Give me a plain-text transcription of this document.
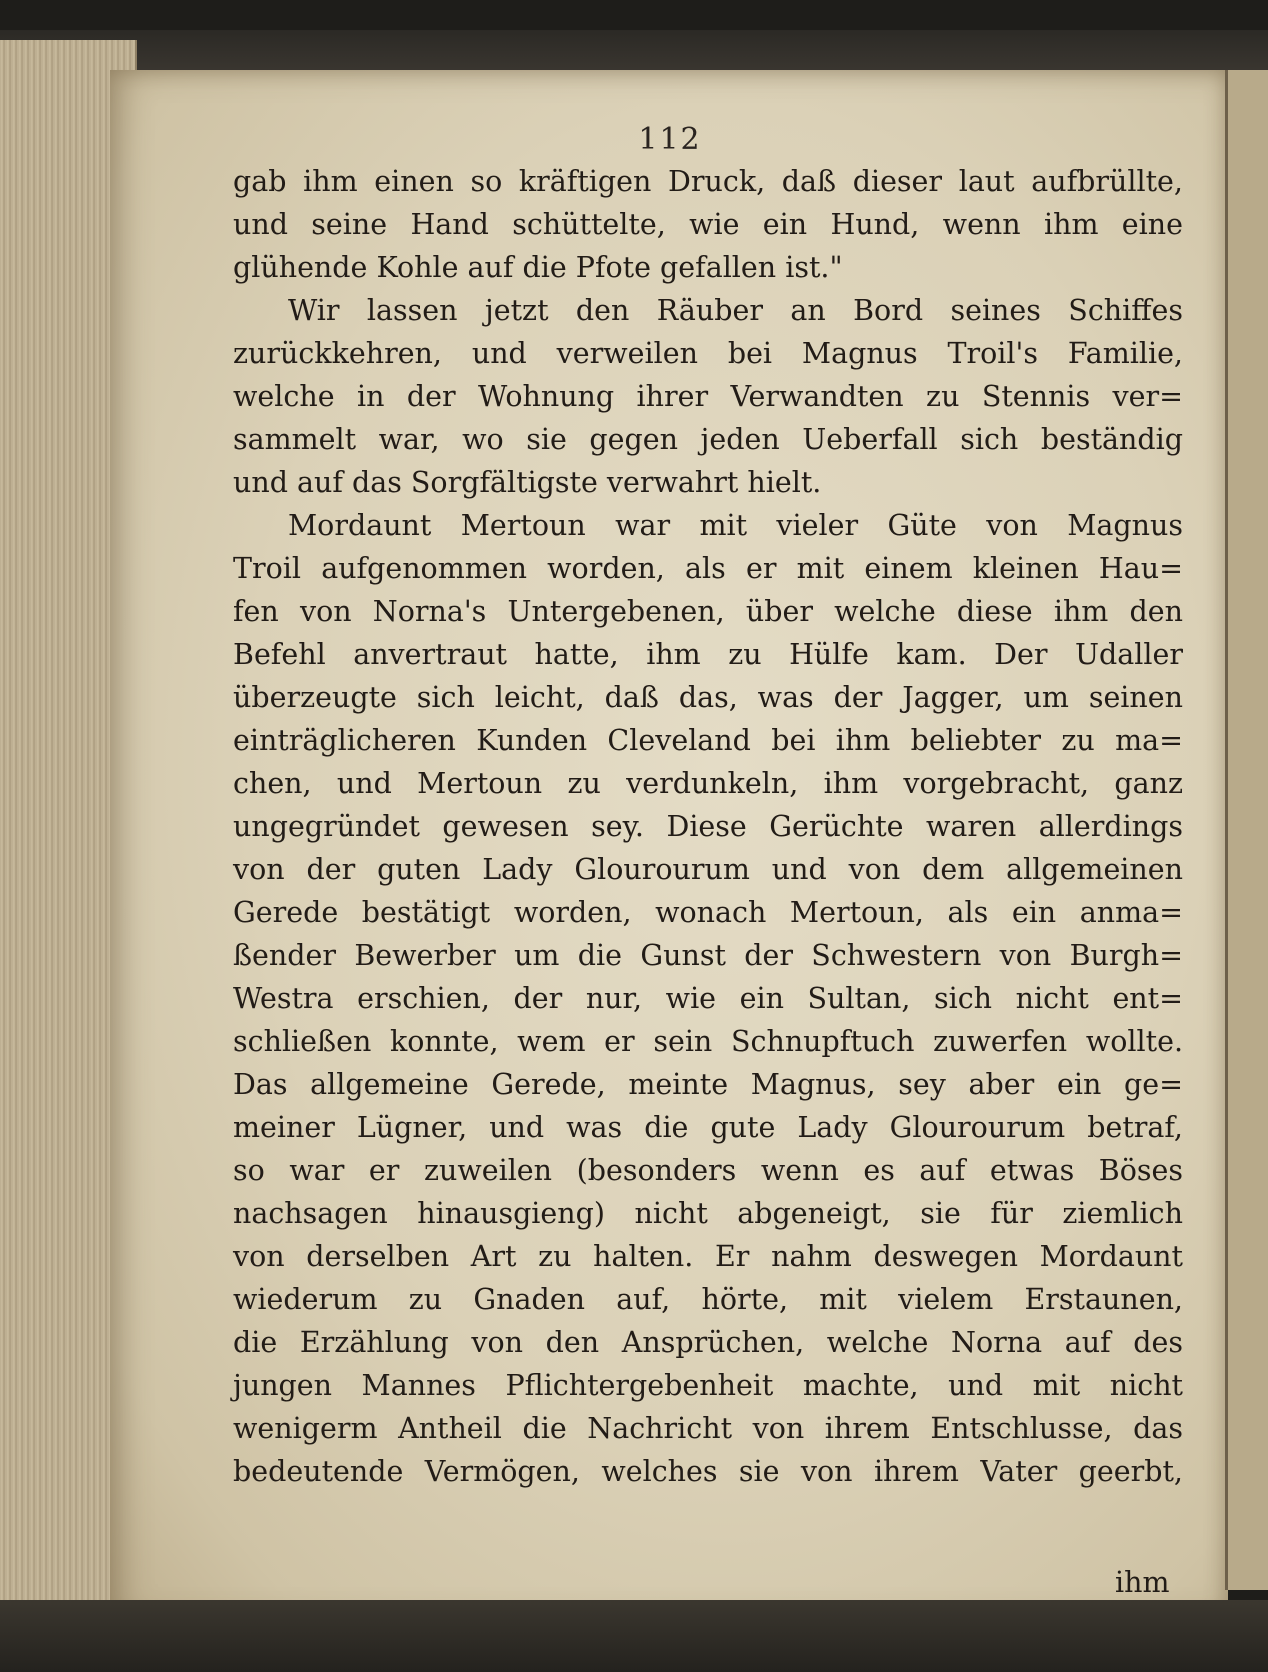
112
gab ihm einen so kräftigen Druck, daß dieser laut aufbrüllte,
und seine Hand schüttelte, wie ein Hund, wenn ihm eine
glühende Kohle auf die Pfote gefallen ist."
Wir lassen jetzt den Räuber an Bord seines Schiffes
zurückkehren, und verweilen bei Magnus Troil's Familie,
welche in der Wohnung ihrer Verwandten zu Stennis ver=
sammelt war, wo sie gegen jeden Ueberfall sich beständig
und auf das Sorgfältigste verwahrt hielt.
Mordaunt Mertoun war mit vieler Güte von Magnus
Troil aufgenommen worden, als er mit einem kleinen Hau=
fen von Norna's Untergebenen, über welche diese ihm den
Befehl anvertraut hatte, ihm zu Hülfe kam. Der Udaller
überzeugte sich leicht, daß das, was der Jagger, um seinen
einträglicheren Kunden Cleveland bei ihm beliebter zu ma=
chen, und Mertoun zu verdunkeln, ihm vorgebracht, ganz
ungegründet gewesen sey. Diese Gerüchte waren allerdings
von der guten Lady Glourourum und von dem allgemeinen
Gerede bestätigt worden, wonach Mertoun, als ein anma=
ßender Bewerber um die Gunst der Schwestern von Burgh=
Westra erschien, der nur, wie ein Sultan, sich nicht ent=
schließen konnte, wem er sein Schnupftuch zuwerfen wollte.
Das allgemeine Gerede, meinte Magnus, sey aber ein ge=
meiner Lügner, und was die gute Lady Glourourum betraf,
so war er zuweilen (besonders wenn es auf etwas Böses
nachsagen hinausgieng) nicht abgeneigt, sie für ziemlich
von derselben Art zu halten. Er nahm deswegen Mordaunt
wiederum zu Gnaden auf, hörte, mit vielem Erstaunen,
die Erzählung von den Ansprüchen, welche Norna auf des
jungen Mannes Pflichtergebenheit machte, und mit nicht
wenigerm Antheil die Nachricht von ihrem Entschlusse, das
bedeutende Vermögen, welches sie von ihrem Vater geerbt,
ihm
